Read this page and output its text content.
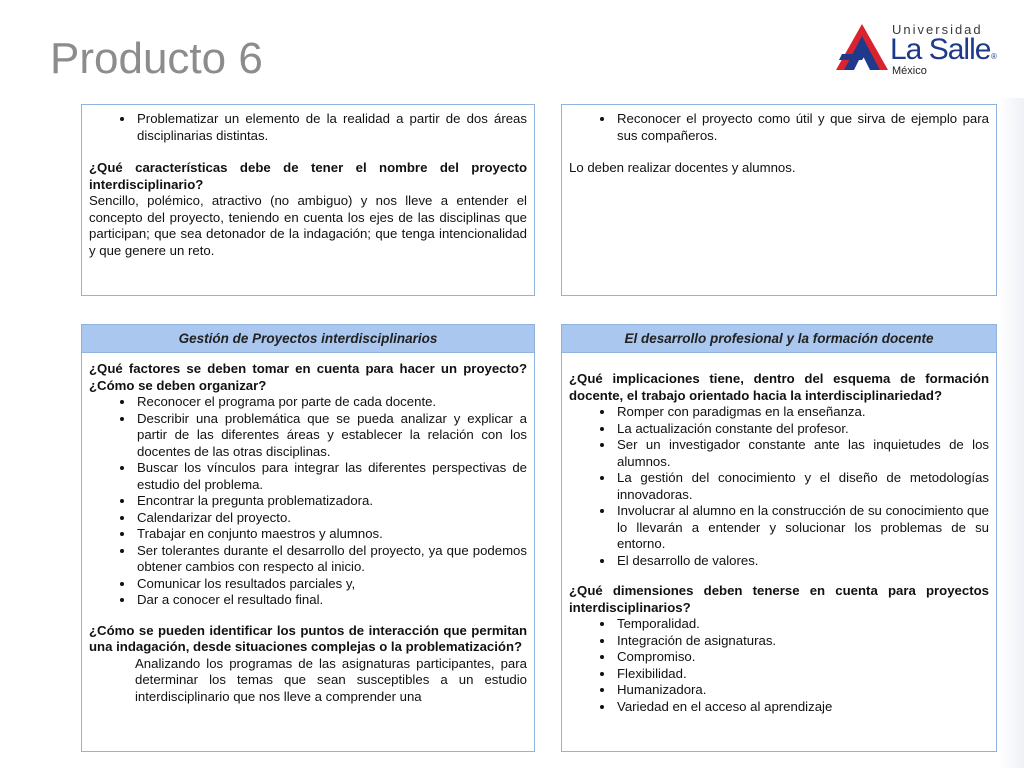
Producto 6
Universidad
La Salle ®
México
• Problematizar un elemento de la realidad a partir de dos áreas disciplinarias distintas.
¿Qué características debe de tener el nombre del proyecto interdisciplinario?
Sencillo, polémico, atractivo (no ambiguo) y nos lleve a entender el concepto del proyecto, teniendo en cuenta los ejes de las disciplinas que participan; que sea detonador de la indagación; que tenga intencionalidad y que genere un reto.
• Reconocer el proyecto como útil y que sirva de ejemplo para sus compañeros.
Lo deben realizar docentes y alumnos.
Gestión de Proyectos interdisciplinarios
¿Qué factores se deben tomar en cuenta para hacer un proyecto? ¿Cómo se deben organizar?
• Reconocer el programa por parte de cada docente.
• Describir una problemática que se pueda analizar y explicar a partir de las diferentes áreas y establecer la relación con los docentes de las otras disciplinas.
• Buscar los vínculos para integrar las diferentes perspectivas de estudio del problema.
• Encontrar la pregunta problematizadora.
• Calendarizar del proyecto.
• Trabajar en conjunto maestros y alumnos.
• Ser tolerantes durante el desarrollo del proyecto, ya que podemos obtener cambios con respecto al inicio.
• Comunicar los resultados parciales y,
• Dar a conocer el resultado final.
¿Cómo se pueden identificar los puntos de interacción que permitan una indagación, desde situaciones complejas o la problematización?
Analizando los programas de las asignaturas participantes, para determinar los temas que sean susceptibles a un estudio interdisciplinario que nos lleve a comprender una
El desarrollo profesional y la formación docente
¿Qué implicaciones tiene, dentro del esquema de formación docente, el trabajo orientado hacia la interdisciplinariedad?
• Romper con paradigmas en la enseñanza.
• La actualización constante del profesor.
• Ser un investigador constante ante las inquietudes de los alumnos.
• La gestión del conocimiento y el diseño de metodologías innovadoras.
• Involucrar al alumno en la construcción de su conocimiento que lo llevarán a entender y solucionar los problemas de su entorno.
• El desarrollo de valores.
¿Qué dimensiones deben tenerse en cuenta para proyectos interdisciplinarios?
• Temporalidad.
• Integración de asignaturas.
• Compromiso.
• Flexibilidad.
• Humanizadora.
• Variedad en el acceso al aprendizaje
